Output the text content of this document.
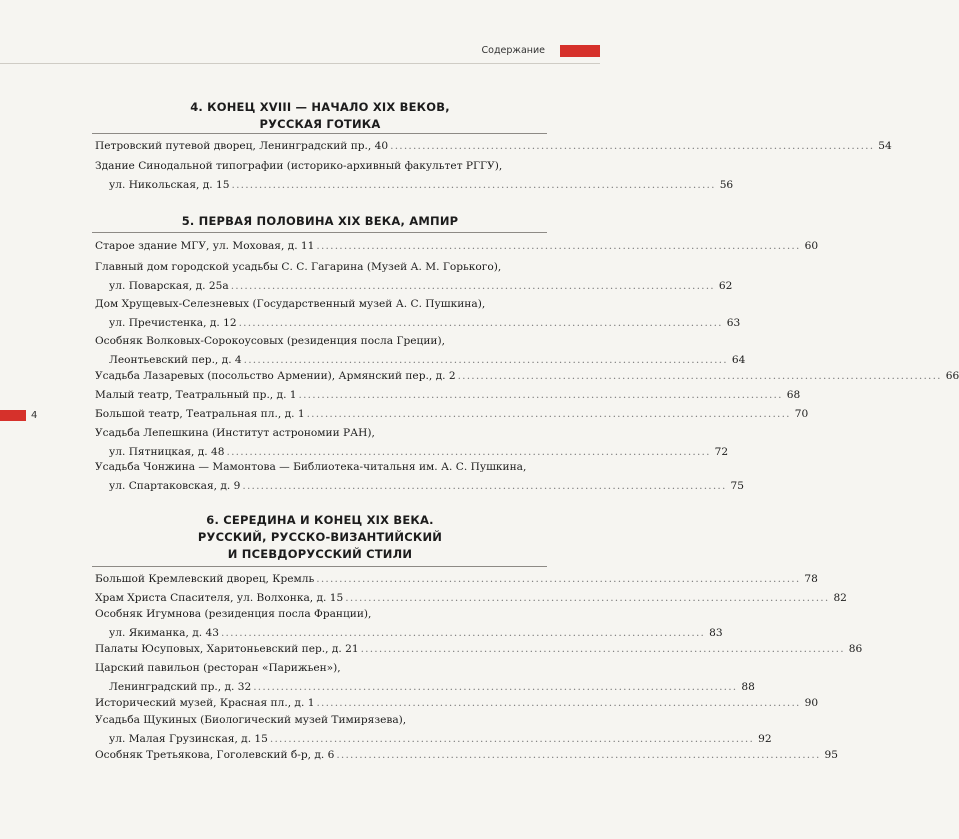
Содержание
4
4. КОНЕЦ XVIII — НАЧАЛО XIX ВЕКОВ,
РУССКАЯ ГОТИКА
Петровский путевой дворец, Ленинградский пр., 40 .......................................................................................................... 54
Здание Синодальной типографии (историко-архивный факультет РГГУ),
ул. Никольская, д. 15 .......................................................................................................... 56
5. ПЕРВАЯ ПОЛОВИНА XIX ВЕКА, АМПИР
Старое здание МГУ, ул. Моховая, д. 11 .......................................................................................................... 60
Главный дом городской усадьбы С. С. Гагарина (Музей А. М. Горького),
ул. Поварская, д. 25а .......................................................................................................... 62
Дом Хрущевых-Селезневых (Государственный музей А. С. Пушкина),
ул. Пречистенка, д. 12 .......................................................................................................... 63
Особняк Волковых-Сорокоусовых (резиденция посла Греции),
Леонтьевский пер., д. 4 .......................................................................................................... 64
Усадьба Лазаревых (посольство Армении), Армянский пер., д. 2 .......................................................................................................... 66
Малый театр, Театральный пр., д. 1 .......................................................................................................... 68
Большой театр, Театральная пл., д. 1 .......................................................................................................... 70
Усадьба Лепешкина (Институт астрономии РАН),
ул. Пятницкая, д. 48 .......................................................................................................... 72
Усадьба Чонжина — Мамонтова — Библиотека-читальня им. А. С. Пушкина,
ул. Спартаковская, д. 9 .......................................................................................................... 75
6. СЕРЕДИНА И КОНЕЦ XIX ВЕКА.
РУССКИЙ, РУССКО-ВИЗАНТИЙСКИЙ
И ПСЕВДОРУССКИЙ СТИЛИ
Большой Кремлевский дворец, Кремль .......................................................................................................... 78
Храм Христа Спасителя, ул. Волхонка, д. 15 .......................................................................................................... 82
Особняк Игумнова (резиденция посла Франции),
ул. Якиманка, д. 43 .......................................................................................................... 83
Палаты Юсуповых, Харитоньевский пер., д. 21 .......................................................................................................... 86
Царский павильон (ресторан «Парижьен»),
Ленинградский пр., д. 32 .......................................................................................................... 88
Исторический музей, Красная пл., д. 1 .......................................................................................................... 90
Усадьба Щукиных (Биологический музей Тимирязева),
ул. Малая Грузинская, д. 15 .......................................................................................................... 92
Особняк Третьякова, Гоголевский б-р, д. 6 .......................................................................................................... 95
